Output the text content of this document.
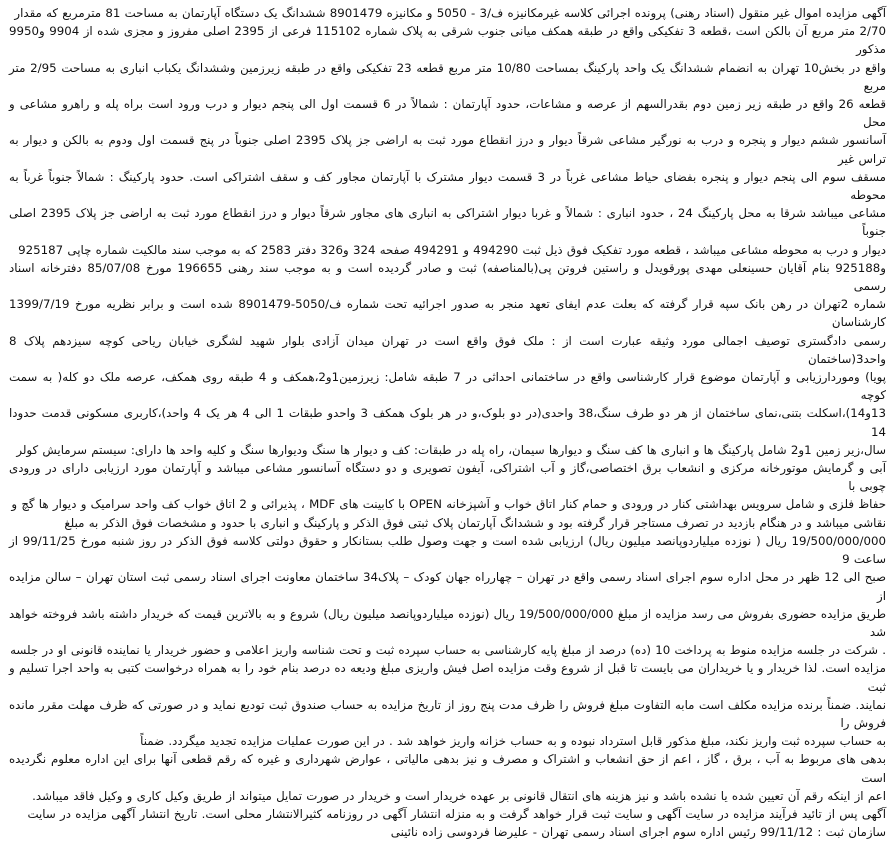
آگهی مزایده اموال غیر منقول (اسناد رهنی) پرونده اجرائی کلاسه غیرمکانیزه ف/3 - 5050 و مکانیزه 8901479 ششدانگ یک دستگاه آپارتمان به مساحت 81 مترمربع که مقدار
2/70 متر مربع آن بالکن است ،قطعه 3 تفکیکی واقع در طبقه همکف میانی جنوب شرقی به پلاک شماره 115102 فرعی از 2395 اصلی مفروز و مجزی شده از 9904 و9950 مذکور
واقع در بخش10 تهران به انضمام ششدانگ یک واحد پارکینگ بمساحت 10/80 متر مربع قطعه 23 تفکیکی واقع در طبقه زیرزمین وششدانگ یکباب انباری به مساحت 2/95 متر مربع
قطعه 26 واقع در طبقه زیر زمین دوم بقدرالسهم از عرصه و مشاعات، حدود آپارتمان : شمالاً در 6 قسمت اول الی پنجم دیوار و درب ورود است براه پله و راهرو مشاعی و محل
آسانسور ششم دیوار و پنجره و درب به نورگیر مشاعی شرقاً دیوار و درز انقطاع مورد ثبت به اراضی جز پلاک 2395 اصلی جنوباً در پنج قسمت اول ودوم به بالکن و دیوار به تراس غیر
مسقف سوم الی پنجم دیوار و پنجره بفضای حیاط مشاعی غرباً در 3 قسمت دیوار مشترک با آپارتمان مجاور کف و سقف اشتراکی است. حدود پارکینگ : شمالاً جنوباً غرباً به محوطه
مشاعی میباشد شرقا به محل پارکینگ 24 ، حدود انباری : شمالاً و غربا دیوار اشتراکی به انباری های مجاور شرقاً دیوار و درز انقطاع مورد ثبت به اراضی جز پلاک 2395 اصلی جنوباً
دیوار و درب به محوطه مشاعی میباشد ، قطعه مورد تفکیک فوق ذیل ثبت 494290 و 494291 صفحه 324 و326 دفتر 2583 که به موجب سند مالکیت شماره چاپی 925187
و925188 بنام آقایان حسینعلی مهدی پورقویدل و راستین فروتن پی(بالمناصفه) ثبت و صادر گردیده است و به موجب سند رهنی 196655 مورخ 85/07/08 دفترخانه اسناد رسمی
شماره 2تهران در رهن بانک سپه قرار گرفته که بعلت عدم ایفای تعهد منجر به صدور اجرائیه تحت شماره ف/5050-8901479 شده است و برابر نظریه مورخ 1399/7/19 کارشناسان
رسمی دادگستری توصیف اجمالی مورد وثیقه عبارت است از : ملک فوق واقع است در تهران میدان آزادی بلوار شهید لشگری خیابان ریاحی کوچه سیزدهم پلاک 8 واحد3(ساختمان
پویا) وموردارزیابی و آپارتمان موضوع قرار کارشناسی واقع در ساختمانی احداثی در 7 طبقه شامل: زیرزمین1و2،همکف و 4 طبقه روی همکف، عرصه ملک دو کله( به سمت کوچه
13و14)،اسکلت بتنی،نمای ساختمان از هر دو طرف سنگ،38 واحدی(در دو بلوک،و در هر بلوک همکف 3 واحدو طبقات 1 الی 4 هر یک 4 واحد)،کاربری مسکونی قدمت حدودا 14
سال،زیر زمین 1و2 شامل پارکینگ ها و انباری ها کف سنگ و دیوارها سیمان، راه پله در طبقات: کف و دیوار ها سنگ ودیوارها سنگ و کلیه واحد ها دارای: سیستم سرمایش کولر
آبی و گرمایش موتورخانه مرکزی و انشعاب برق اختصاصی،گاز و آب اشتراکی، آیفون تصویری و دو دستگاه آسانسور مشاعی میباشد و آپارتمان مورد ارزیابی دارای در ورودی چوبی با
حفاظ فلزی و شامل سرویس بهداشتی کنار در ورودی و حمام کنار اتاق خواب و آشپزخانه OPEN با کابینت های MDF ، پذیرائی و 2 اتاق خواب کف واحد سرامیک و دیوار ها گچ و
نقاشی میباشد و در هنگام بازدید در تصرف مستاجر قرار گرفته بود و ششدانگ آپارتمان پلاک ثبتی فوق الذکر و پارکینگ و انباری با حدود و مشخصات فوق الذکر به مبلغ
19/500/000/000 ریال ( نوزده میلیاردوپانصد میلیون ریال) ارزیابی شده است و جهت وصول طلب بستانکار و حقوق دولتی کلاسه فوق الذکر در روز شنبه مورخ 99/11/25 از ساعت 9
صبح الی 12 ظهر در محل اداره سوم اجرای اسناد رسمی واقع در تهران – چهارراه جهان کودک – پلاک34 ساختمان معاونت اجرای اسناد رسمی ثبت استان تهران – سالن مزایده از
طریق مزایده حضوری بفروش می رسد مزایده از مبلغ 19/500/000/000 ریال (نوزده میلیاردوپانصد میلیون ریال) شروع و به بالاترین قیمت که خریدار داشته باشد فروخته خواهد شد
. شرکت در جلسه مزایده منوط به پرداخت 10 (ده) درصد از مبلغ پایه کارشناسی به حساب سپرده ثبت و تحت شناسه واریز اعلامی و حضور خریدار یا نماینده قانونی او در جلسه
مزایده است. لذا خریدار و یا خریداران می بایست تا قبل از شروع وقت مزایده اصل فیش واریزی مبلغ ودیعه ده درصد بنام خود را به همراه درخواست کتبی به واحد اجرا تسلیم و ثبت
نمایند. ضمناً برنده مزایده مکلف است مابه التفاوت مبلغ فروش را ظرف مدت پنج روز از تاریخ مزایده به حساب صندوق ثبت تودیع نماید و در صورتی که ظرف مهلت مقرر مانده فروش را
به حساب سپرده ثبت واریز نکند، مبلغ مذکور قابل استرداد نبوده و به حساب خزانه واریز خواهد شد . در این صورت عملیات مزایده تجدید میگردد. ضمناً
بدهی های مربوط به آب ، برق ، گاز ، اعم از حق انشعاب و اشتراک و مصرف و نیز بدهی مالیاتی ، عوارض شهرداری و غیره که رقم قطعی آنها برای این اداره معلوم نگردیده است
اعم از اینکه رقم آن تعیین شده یا نشده باشد و نیز هزینه های انتقال قانونی بر عهده خریدار است و خریدار در صورت تمایل میتواند از طریق وکیل کاری و وکیل فاقد میباشد.
آگهی پس از تائید فرآیند مزایده در سایت آگهی و سایت ثبت قرار خواهد گرفت و به منزله انتشار آگهی در روزنامه کثیرالانتشار محلی است. تاریخ انتشار آگهی مزایده در سایت
سازمان ثبت : 99/11/12 رئیس اداره سوم اجرای اسناد رسمی تهران - علیرضا فردوسی زاده نائینی
